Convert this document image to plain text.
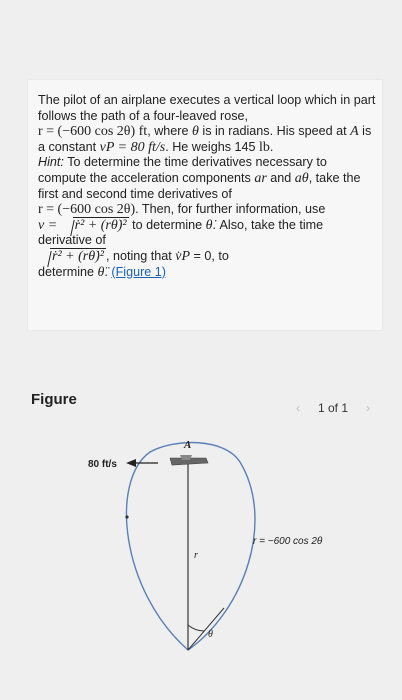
The pilot of an airplane executes a vertical loop which in part follows the path of a four-leaved rose,
r = (−600 cos 2θ) ft, where θ is in radians. His speed at A is a constant vP = 80 ft/s. He weighs 145 lb.
Hint: To determine the time derivatives necessary to compute the acceleration components ar and aθ, take the first and second time derivatives of
r = (−600 cos 2θ). Then, for further information, use

v = ṙ² + (rθ̇)² to determine θ̇. Also, take the time derivative of

ṙ² + (rθ̇)² , noting that v̇P = 0, to

determine θ̈. (Figure 1)

Figure	‹	1 of 1	›
80 ft/s
A
r
θ
r = −600 cos 2θ
